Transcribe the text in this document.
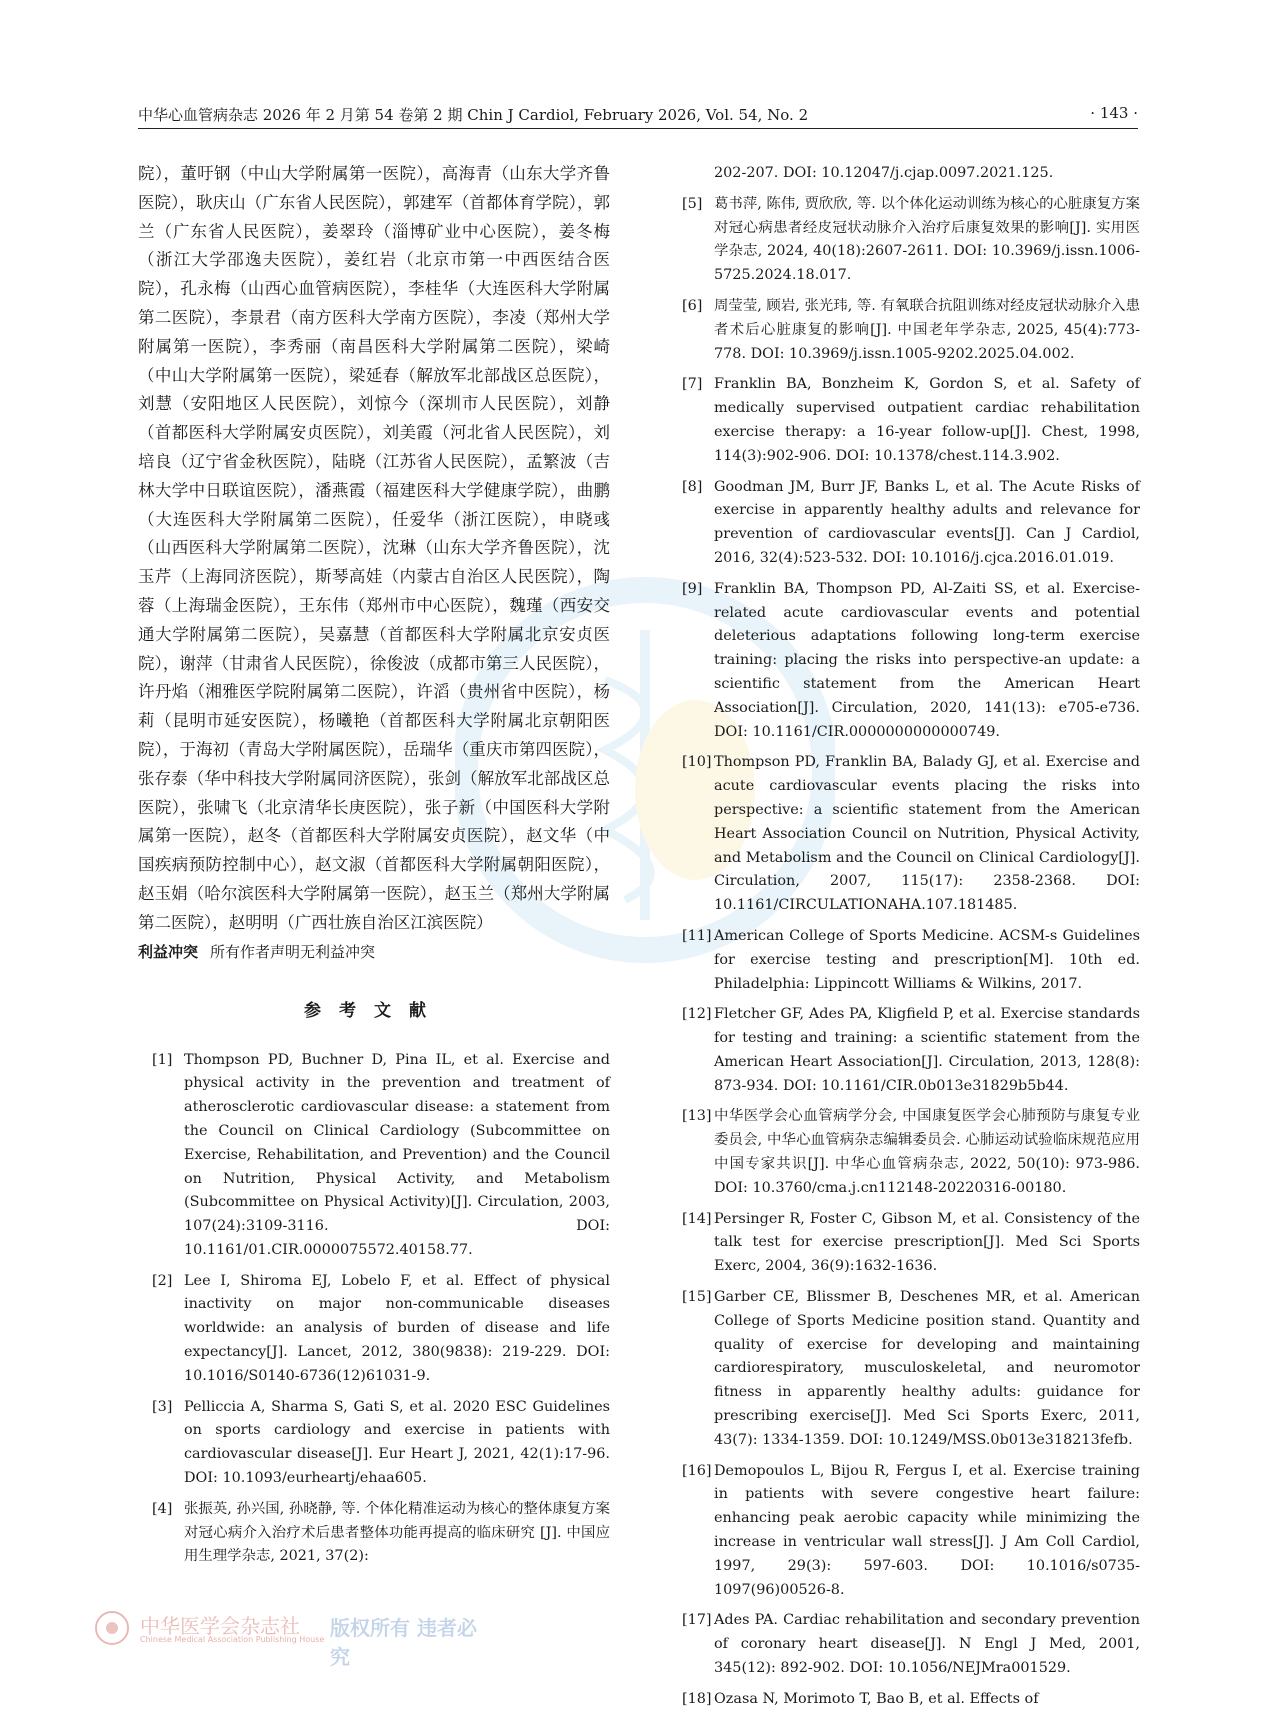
中华心血管病杂志 2026 年 2 月第 54 卷第 2 期 Chin J Cardiol, February 2026, Vol. 54, No. 2	· 143 ·
院），董吁钢（中山大学附属第一医院），高海青（山东大学齐鲁医院），耿庆山（广东省人民医院），郭建军（首都体育学院），郭兰（广东省人民医院），姜翠玲（淄博矿业中心医院），姜冬梅（浙江大学邵逸夫医院），姜红岩（北京市第一中西医结合医院），孔永梅（山西心血管病医院），李桂华（大连医科大学附属第二医院），李景君（南方医科大学南方医院），李凌（郑州大学附属第一医院），李秀丽（南昌医科大学附属第二医院），梁崎（中山大学附属第一医院），梁延春（解放军北部战区总医院），刘慧（安阳地区人民医院），刘惊今（深圳市人民医院），刘静（首都医科大学附属安贞医院），刘美霞（河北省人民医院），刘培良（辽宁省金秋医院），陆晓（江苏省人民医院），孟繁波（吉林大学中日联谊医院），潘燕霞（福建医科大学健康学院），曲鹏（大连医科大学附属第二医院），任爱华（浙江医院），申晓彧（山西医科大学附属第二医院），沈琳（山东大学齐鲁医院），沈玉芹（上海同济医院），斯琴高娃（内蒙古自治区人民医院），陶蓉（上海瑞金医院），王东伟（郑州市中心医院），魏瑾（西安交通大学附属第二医院），吴嘉慧（首都医科大学附属北京安贞医院），谢萍（甘肃省人民医院），徐俊波（成都市第三人民医院），许丹焰（湘雅医学院附属第二医院），许滔（贵州省中医院），杨莉（昆明市延安医院），杨曦艳（首都医科大学附属北京朝阳医院），于海初（青岛大学附属医院），岳瑞华（重庆市第四医院），张存泰（华中科技大学附属同济医院），张剑（解放军北部战区总医院），张啸飞（北京清华长庚医院），张子新（中国医科大学附属第一医院），赵冬（首都医科大学附属安贞医院），赵文华（中国疾病预防控制中心），赵文淑（首都医科大学附属朝阳医院），赵玉娟（哈尔滨医科大学附属第一医院），赵玉兰（郑州大学附属第二医院），赵明明（广西壮族自治区江滨医院）
利益冲突 所有作者声明无利益冲突
参考文献
[1] Thompson PD, Buchner D, Pina IL, et al. Exercise and physical activity in the prevention and treatment of atherosclerotic cardiovascular disease: a statement from the Council on Clinical Cardiology (Subcommittee on Exercise, Rehabilitation, and Prevention) and the Council on Nutrition, Physical Activity, and Metabolism (Subcommittee on Physical Activity)[J]. Circulation, 2003, 107(24):3109-3116. DOI: 10.1161/01.CIR.0000075572.40158.77.
[2] Lee I, Shiroma EJ, Lobelo F, et al. Effect of physical inactivity on major non-communicable diseases worldwide: an analysis of burden of disease and life expectancy[J]. Lancet, 2012, 380(9838): 219-229. DOI: 10.1016/S0140-6736(12)61031-9.
[3] Pelliccia A, Sharma S, Gati S, et al. 2020 ESC Guidelines on sports cardiology and exercise in patients with cardiovascular disease[J]. Eur Heart J, 2021, 42(1):17-96. DOI: 10.1093/eurheartj/ehaa605.
[4] 张振英, 孙兴国, 孙晓静, 等. 个体化精准运动为核心的整体康复方案对冠心病介入治疗术后患者整体功能再提高的临床研究 [J]. 中国应用生理学杂志, 2021, 37(2):
202-207. DOI: 10.12047/j.cjap.0097.2021.125.
[5] 葛书萍, 陈伟, 贾欣欣, 等. 以个体化运动训练为核心的心脏康复方案对冠心病患者经皮冠状动脉介入治疗后康复效果的影响[J]. 实用医学杂志, 2024, 40(18):2607-2611. DOI: 10.3969/j.issn.1006-5725.2024.18.017.
[6] 周莹莹, 顾岩, 张光玮, 等. 有氧联合抗阻训练对经皮冠状动脉介入患者术后心脏康复的影响[J]. 中国老年学杂志, 2025, 45(4):773-778. DOI: 10.3969/j.issn.1005-9202.2025.04.002.
[7] Franklin BA, Bonzheim K, Gordon S, et al. Safety of medically supervised outpatient cardiac rehabilitation exercise therapy: a 16-year follow-up[J]. Chest, 1998, 114(3):902-906. DOI: 10.1378/chest.114.3.902.
[8] Goodman JM, Burr JF, Banks L, et al. The Acute Risks of exercise in apparently healthy adults and relevance for prevention of cardiovascular events[J]. Can J Cardiol, 2016, 32(4):523-532. DOI: 10.1016/j.cjca.2016.01.019.
[9] Franklin BA, Thompson PD, Al-Zaiti SS, et al. Exercise-related acute cardiovascular events and potential deleterious adaptations following long-term exercise training: placing the risks into perspective-an update: a scientific statement from the American Heart Association[J]. Circulation, 2020, 141(13): e705-e736. DOI: 10.1161/CIR.0000000000000749.
[10] Thompson PD, Franklin BA, Balady GJ, et al. Exercise and acute cardiovascular events placing the risks into perspective: a scientific statement from the American Heart Association Council on Nutrition, Physical Activity, and Metabolism and the Council on Clinical Cardiology[J]. Circulation, 2007, 115(17): 2358-2368. DOI: 10.1161/CIRCULATIONAHA.107.181485.
[11] American College of Sports Medicine. ACSM-s Guidelines for exercise testing and prescription[M]. 10th ed. Philadelphia: Lippincott Williams & Wilkins, 2017.
[12] Fletcher GF, Ades PA, Kligfield P, et al. Exercise standards for testing and training: a scientific statement from the American Heart Association[J]. Circulation, 2013, 128(8): 873-934. DOI: 10.1161/CIR.0b013e31829b5b44.
[13] 中华医学会心血管病学分会, 中国康复医学会心肺预防与康复专业委员会, 中华心血管病杂志编辑委员会. 心肺运动试验临床规范应用中国专家共识[J]. 中华心血管病杂志, 2022, 50(10): 973-986. DOI: 10.3760/cma.j.cn112148-20220316-00180.
[14] Persinger R, Foster C, Gibson M, et al. Consistency of the talk test for exercise prescription[J]. Med Sci Sports Exerc, 2004, 36(9):1632-1636.
[15] Garber CE, Blissmer B, Deschenes MR, et al. American College of Sports Medicine position stand. Quantity and quality of exercise for developing and maintaining cardiorespiratory, musculoskeletal, and neuromotor fitness in apparently healthy adults: guidance for prescribing exercise[J]. Med Sci Sports Exerc, 2011, 43(7): 1334-1359. DOI: 10.1249/MSS.0b013e318213fefb.
[16] Demopoulos L, Bijou R, Fergus I, et al. Exercise training in patients with severe congestive heart failure: enhancing peak aerobic capacity while minimizing the increase in ventricular wall stress[J]. J Am Coll Cardiol, 1997, 29(3): 597-603. DOI: 10.1016/s0735-1097(96)00526-8.
[17] Ades PA. Cardiac rehabilitation and secondary prevention of coronary heart disease[J]. N Engl J Med, 2001, 345(12): 892-902. DOI: 10.1056/NEJMra001529.
[18] Ozasa N, Morimoto T, Bao B, et al. Effects of
中华医学会杂志社
Chinese Medical Association Publishing House 版权所有 违者必究
